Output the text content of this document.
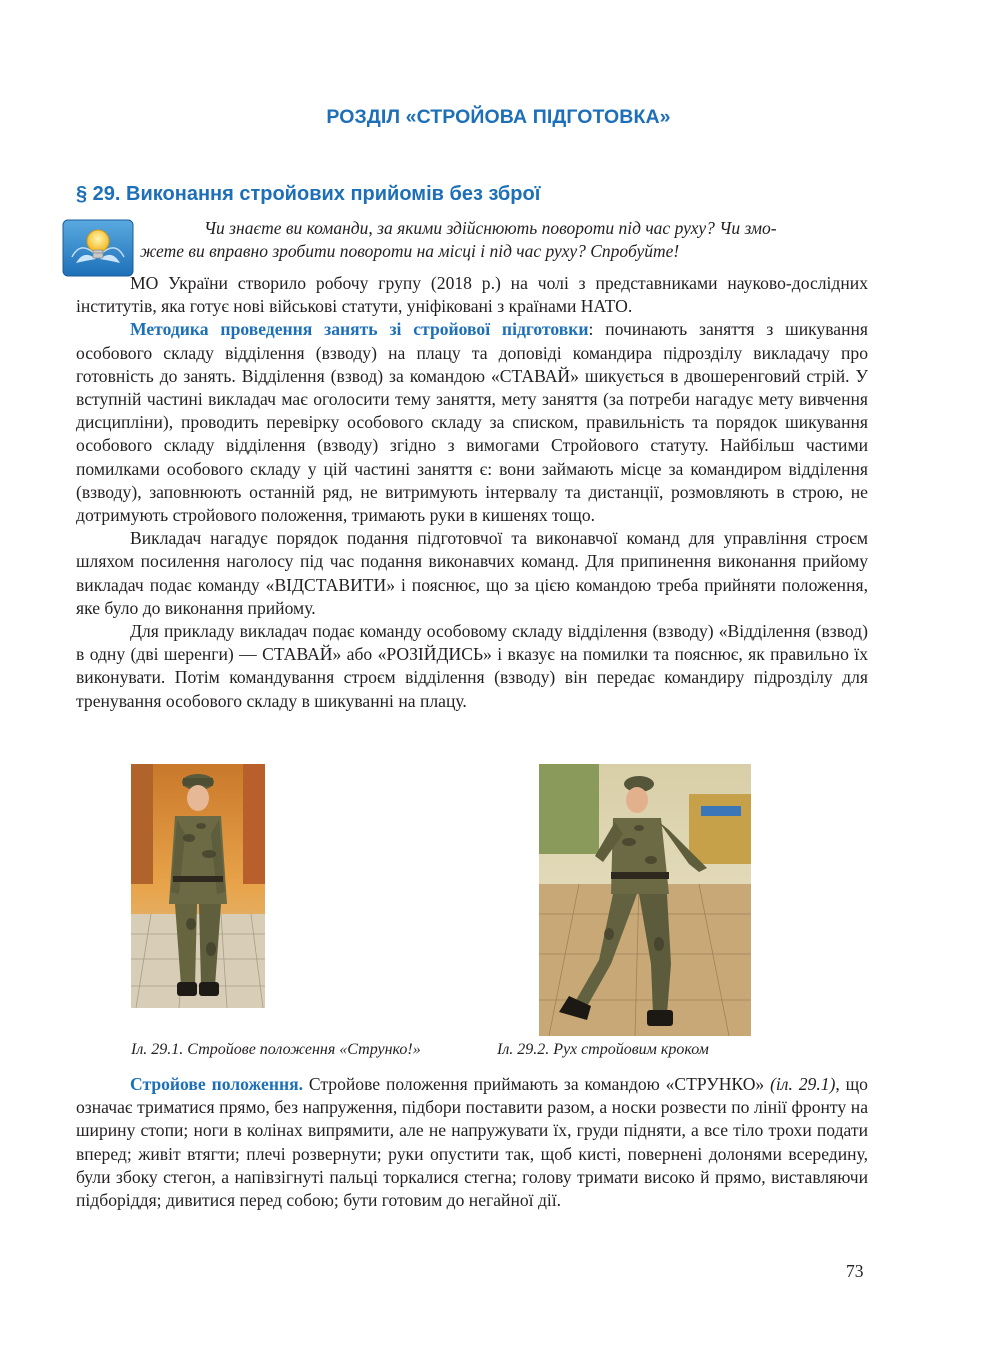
РОЗДІЛ «СТРОЙОВА ПІДГОТОВКА»
§ 29. Виконання стройових прийомів без зброї
Чи знаєте ви команди, за якими здійснюють повороти під час руху? Чи змо-
жете ви вправно зробити повороти на місці і під час руху? Спробуйте!

МО України створило робочу групу (2018 р.) на чолі з представниками науково-дослідних інститутів, яка готує нові військові статути, уніфіковані з країнами НАТО.

Методика проведення занять зі стройової підготовки: починають заняття з шикування особового складу відділення (взводу) на плацу та доповіді командира підрозділу викладачу про готовність до занять. Відділення (взвод) за командою «СТАВАЙ» шикується в двошеренговий стрій. У вступній частині викладач має оголосити тему заняття, мету заняття (за потреби нагадує мету вивчення дисципліни), проводить перевірку особового складу за списком, правильність та порядок шикування особового складу відділення (взводу) згідно з вимогами Стройового статуту. Найбільш частими помилками особового складу у цій частині заняття є: вони займають місце за командиром відділення (взводу), заповнюють останній ряд, не витримують інтервалу та дистанції, розмовляють в строю, не дотримують стройового положення, тримають руки в кишенях тощо.

Викладач нагадує порядок подання підготовчої та виконавчої команд для управління строєм шляхом посилення наголосу під час подання виконавчих команд. Для припинення виконання прийому викладач подає команду «ВІДСТАВИТИ» і пояснює, що за цією командою треба прийняти положення, яке було до виконання прийому.

Для прикладу викладач подає команду особовому складу відділення (взводу) «Відділення (взвод) в одну (дві шеренги) — СТАВАЙ» або «РОЗІЙДИСЬ» і вказує на помилки та пояснює, як правильно їх виконувати. Потім командування строєм відділення (взводу) він передає командиру підрозділу для тренування особового складу в шикуванні на плацу.

Іл. 29.1. Стройове положення «Струнко!»	Іл. 29.2. Рух стройовим кроком

Стройове положення. Стройове положення приймають за командою «СТРУНКО» (іл. 29.1), що означає триматися прямо, без напруження, підбори поставити разом, а носки розвести по лінії фронту на ширину стопи; ноги в колінах випрямити, але не напружувати їх, груди підняти, а все тіло трохи подати вперед; живіт втягти; плечі розвернути; руки опустити так, щоб кисті, повернені долонями всередину, були збоку стегон, а напівзігнуті пальці торкалися стегна; голову тримати високо й прямо, виставляючи підборіддя; дивитися перед собою; бути готовим до негайної дії.

73
